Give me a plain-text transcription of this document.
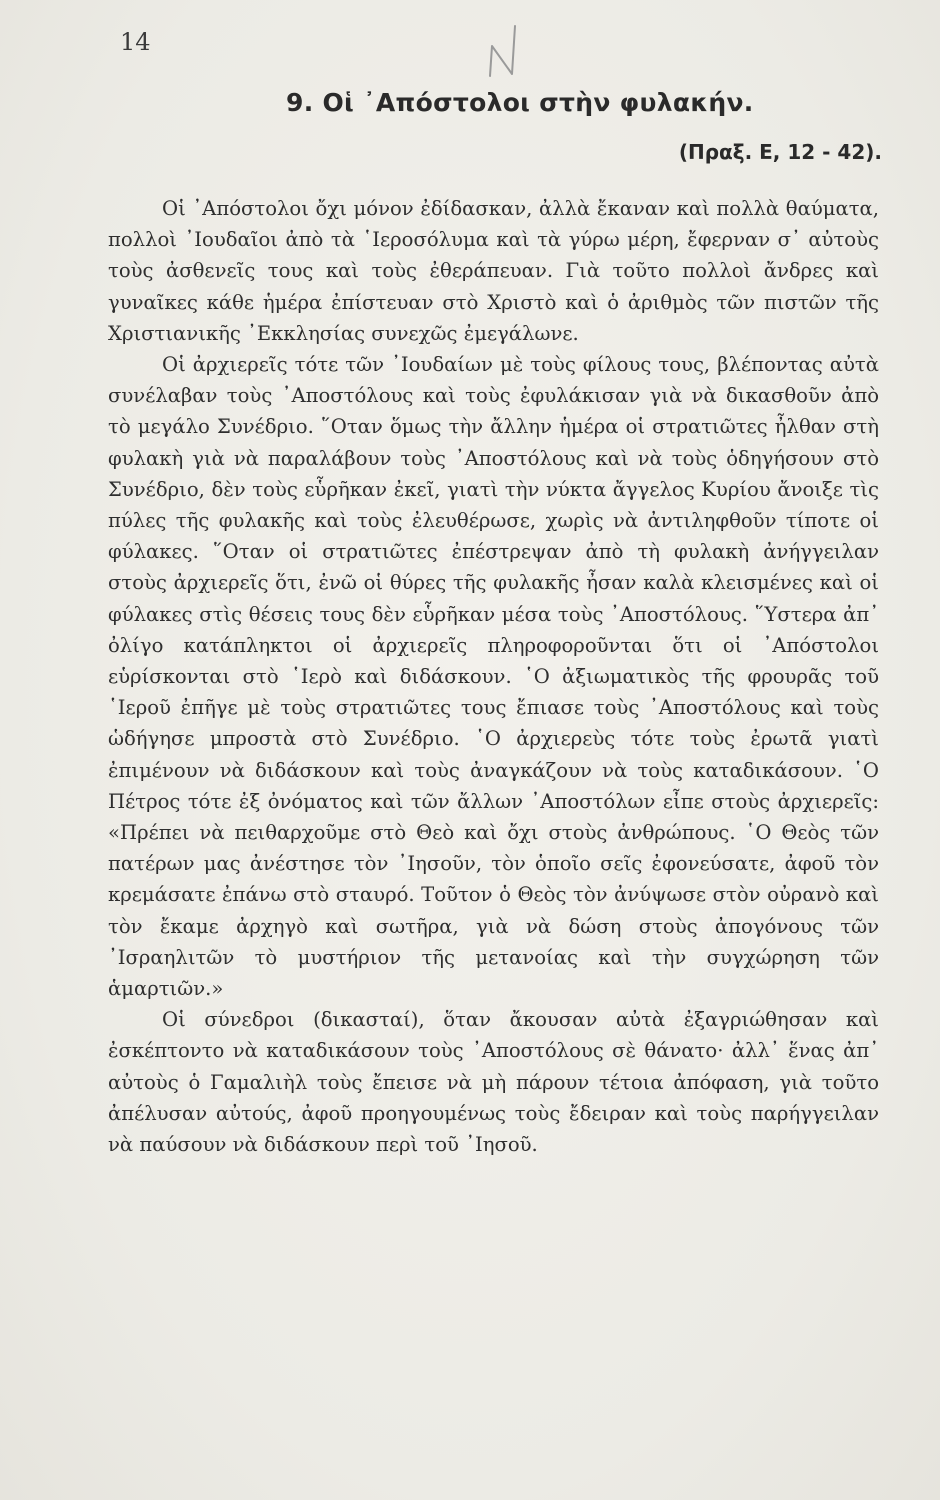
14
9. Οἱ ᾿Απόστολοι στὴν φυλακήν.
(Πραξ. Ε, 12 - 42).

Οἱ ᾿Απόστολοι ὄχι μόνον ἐδίδασκαν, ἀλλὰ ἔκαναν καὶ πολλὰ θαύματα, πολλοὶ ᾿Ιουδαῖοι ἀπὸ τὰ ῾Ιεροσόλυμα καὶ τὰ γύρω μέρη, ἔφερναν σ᾿ αὐτοὺς τοὺς ἀσθενεῖς τους καὶ τοὺς ἐθεράπευαν. Γιὰ τοῦτο πολλοὶ ἄνδρες καὶ γυναῖκες κάθε ἡμέρα ἐπίστευαν στὸ Χριστὸ καὶ ὁ ἀριθμὸς τῶν πιστῶν τῆς Χριστιανικῆς ᾿Εκκλησίας συνεχῶς ἐμεγάλωνε.

Οἱ ἀρχιερεῖς τότε τῶν ᾿Ιουδαίων μὲ τοὺς φίλους τους, βλέποντας αὐτὰ συνέλαβαν τοὺς ᾿Αποστόλους καὶ τοὺς ἐφυλάκισαν γιὰ νὰ δικασθοῦν ἀπὸ τὸ μεγάλο Συνέδριο. ῞Οταν ὅμως τὴν ἄλλην ἡμέρα οἱ στρατιῶτες ἦλθαν στὴ φυλακὴ γιὰ νὰ παραλάβουν τοὺς ᾿Αποστόλους καὶ νὰ τοὺς ὁδηγήσουν στὸ Συνέδριο, δὲν τοὺς εὗρῆκαν ἐκεῖ, γιατὶ τὴν νύκτα ἄγγελος Κυρίου ἄνοιξε τὶς πύλες τῆς φυλακῆς καὶ τοὺς ἐλευθέρωσε, χωρὶς νὰ ἀντιληφθοῦν τίποτε οἱ φύλακες. ῞Οταν οἱ στρατιῶτες ἐπέστρεψαν ἀπὸ τὴ φυλακὴ ἀνήγγειλαν στοὺς ἀρχιερεῖς ὅτι, ἐνῶ οἱ θύρες τῆς φυλακῆς ἦσαν καλὰ κλεισμένες καὶ οἱ φύλακες στὶς θέσεις τους δὲν εὗρῆκαν μέσα τοὺς ᾿Αποστόλους. ῞Υστερα ἀπ᾿ ὀλίγο κατάπληκτοι οἱ ἀρχιερεῖς πληροφοροῦνται ὅτι οἱ ᾿Απόστολοι εὑρίσκονται στὸ ῾Ιερὸ καὶ διδάσκουν. ῾Ο ἀξιωματικὸς τῆς φρουρᾶς τοῦ ῾Ιεροῦ ἐπῆγε μὲ τοὺς στρατιῶτες τους ἔπιασε τοὺς ᾿Αποστόλους καὶ τοὺς ὡδήγησε μπροστὰ στὸ Συνέδριο. ῾Ο ἀρχιερεὺς τότε τοὺς ἐρωτᾶ γιατὶ ἐπιμένουν νὰ διδάσκουν καὶ τοὺς ἀναγκάζουν νὰ τοὺς καταδικάσουν. ῾Ο Πέτρος τότε ἐξ ὀνόματος καὶ τῶν ἄλλων ᾿Αποστόλων εἶπε στοὺς ἀρχιερεῖς: «Πρέπει νὰ πειθαρχοῦμε στὸ Θεὸ καὶ ὄχι στοὺς ἀνθρώπους. ῾Ο Θεὸς τῶν πατέρων μας ἀνέστησε τὸν ᾿Ιησοῦν, τὸν ὁποῖο σεῖς ἐφονεύσατε, ἀφοῦ τὸν κρεμάσατε ἐπάνω στὸ σταυρό. Τοῦτον ὁ Θεὸς τὸν ἀνύψωσε στὸν οὐρανὸ καὶ τὸν ἔκαμε ἀρχηγὸ καὶ σωτῆρα, γιὰ νὰ δώση στοὺς ἀπογόνους τῶν ᾿Ισραηλιτῶν τὸ μυστήριον τῆς μετανοίας καὶ τὴν συγχώρηση τῶν ἁμαρτιῶν.»

Οἱ σύνεδροι (δικασταί), ὅταν ἄκουσαν αὐτὰ ἐξαγριώθησαν καὶ ἐσκέπτοντο νὰ καταδικάσουν τοὺς ᾿Αποστόλους σὲ θάνατο· ἀλλ᾿ ἕνας ἀπ᾿ αὐτοὺς ὁ Γαμαλιὴλ τοὺς ἔπεισε νὰ μὴ πάρουν τέτοια ἀπόφαση, γιὰ τοῦτο ἀπέλυσαν αὐτούς, ἀφοῦ προηγουμένως τοὺς ἔδειραν καὶ τοὺς παρήγγειλαν νὰ παύσουν νὰ διδάσκουν περὶ τοῦ ᾿Ιησοῦ.
